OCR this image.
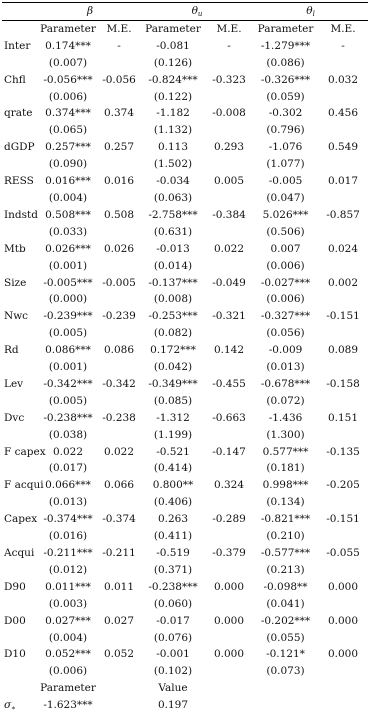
	β		$\theta_u$		$\theta_l$
	Parameter	M.E.	Parameter	M.E.	Parameter	M.E.
Inter	0.174***	-	-0.081	-	-1.279***	-
	(0.007)		(0.126)		(0.086)	
Chfl	-0.056***	-0.056	-0.824***	-0.323	-0.326***	0.032
	(0.006)		(0.122)		(0.059)	
qrate	0.374***	0.374	-1.182	-0.008	-0.302	0.456
	(0.065)		(1.132)		(0.796)	
dGDP	0.257***	0.257	0.113	0.293	-1.076	0.549
	(0.090)		(1.502)		(1.077)	
RESS	0.016***	0.016	-0.034	0.005	-0.005	0.017
	(0.004)		(0.063)		(0.047)	
Indstd	0.508***	0.508	-2.758***	-0.384	5.026***	-0.857
	(0.033)		(0.631)		(0.506)	
Mtb	0.026***	0.026	-0.013	0.022	0.007	0.024
	(0.001)		(0.014)		(0.006)	
Size	-0.005***	-0.005	-0.137***	-0.049	-0.027***	0.002
	(0.000)		(0.008)		(0.006)	
Nwc	-0.239***	-0.239	-0.253***	-0.321	-0.327***	-0.151
	(0.005)		(0.082)		(0.056)	
Rd	0.086***	0.086	0.172***	0.142	-0.009	0.089
	(0.001)		(0.042)		(0.013)	
Lev	-0.342***	-0.342	-0.349***	-0.455	-0.678***	-0.158
	(0.005)		(0.085)		(0.072)	
Dvc	-0.238***	-0.238	-1.312	-0.663	-1.436	0.151
	(0.038)		(1.199)		(1.300)	
F capex	0.022	0.022	-0.521	-0.147	0.577***	-0.135
	(0.017)		(0.414)		(0.181)	
F acqui	0.066***	0.066	0.800**	0.324	0.998***	-0.205
	(0.013)		(0.406)		(0.134)	
Capex	-0.374***	-0.374	0.263	-0.289	-0.821***	-0.151
	(0.016)		(0.411)		(0.210)	
Acqui	-0.211***	-0.211	-0.519	-0.379	-0.577***	-0.055
	(0.012)		(0.371)		(0.213)	
D90	0.011***	0.011	-0.238***	0.000	-0.098**	0.000
	(0.003)		(0.060)		(0.041)	
D00	0.027***	0.027	-0.017	0.000	-0.202***	0.000
	(0.004)		(0.076)		(0.055)	
D10	0.052***	0.052	-0.001	0.000	-0.121*	0.000
	(0.006)		(0.102)		(0.073)	
	Parameter		Value			
$\sigma_∗$	-1.623***		0.197			
